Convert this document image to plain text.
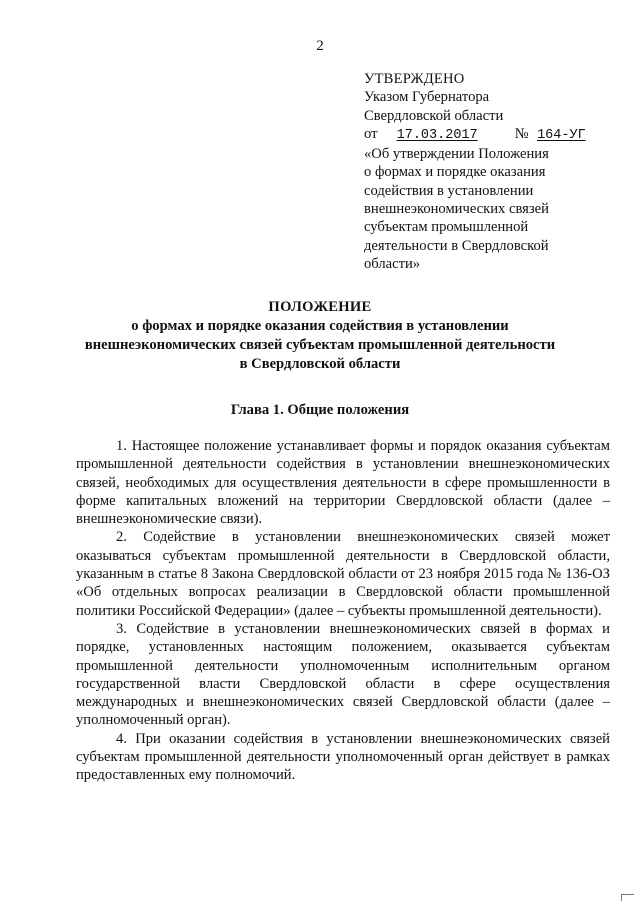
2
УТВЕРЖДЕНО
Указом Губернатора
Свердловской области
от 17.03.2017	№ 164-УГ
«Об утверждении Положения
о формах и порядке оказания
содействия в установлении
внешнеэкономических связей
субъектам промышленной
деятельности в Свердловской
области»
ПОЛОЖЕНИЕ
о формах и порядке оказания содействия в установлении
внешнеэкономических связей субъектам промышленной деятельности
в Свердловской области
Глава 1. Общие положения

1. Настоящее положение устанавливает формы и порядок оказания субъектам промышленной деятельности содействия в установлении внешнеэкономических связей, необходимых для осуществления деятельности в сфере промышленности в форме капитальных вложений на территории Свердловской области (далее – внешнеэкономические связи).

2. Содействие в установлении внешнеэкономических связей может оказываться субъектам промышленной деятельности в Свердловской области, указанным в статье 8 Закона Свердловской области от 23 ноября 2015 года № 136-ОЗ «Об отдельных вопросах реализации в Свердловской области промышленной политики Российской Федерации» (далее – субъекты промышленной деятельности).

3. Содействие в установлении внешнеэкономических связей в формах и порядке, установленных настоящим положением, оказывается субъектам промышленной деятельности уполномоченным исполнительным органом государственной власти Свердловской области в сфере осуществления международных и внешнеэкономических связей Свердловской области (далее – уполномоченный орган).

4. При оказании содействия в установлении внешнеэкономических связей субъектам промышленной деятельности уполномоченный орган действует в рамках предоставленных ему полномочий.
